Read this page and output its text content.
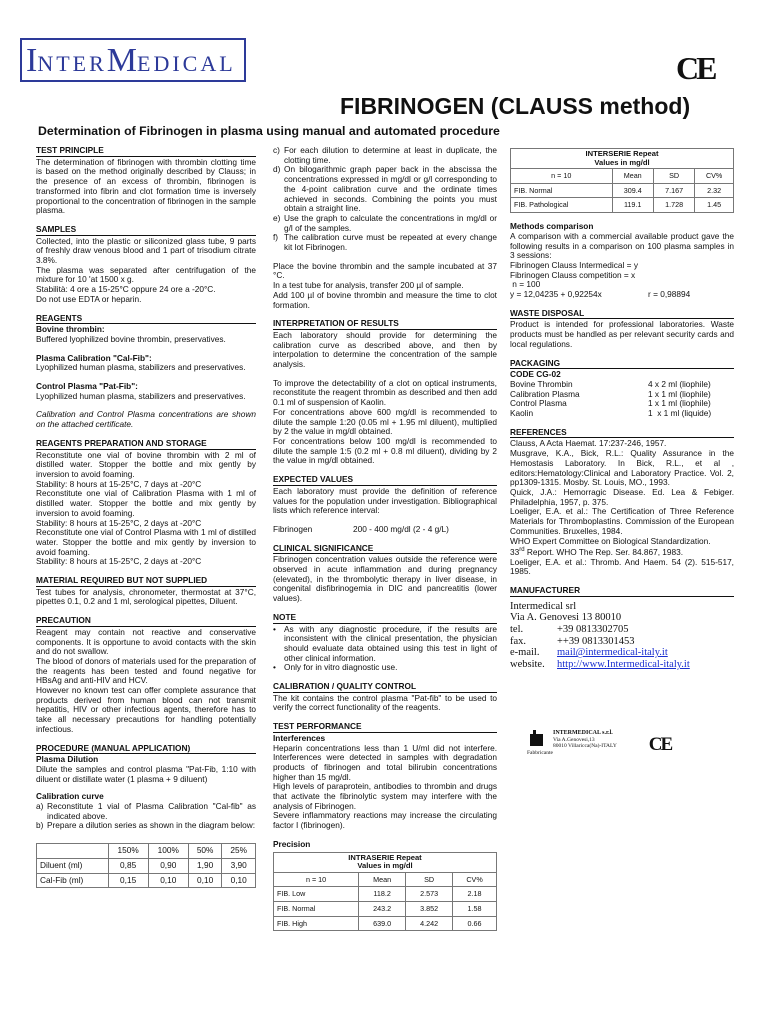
I NTER M EDICAL	CE
FIBRINOGEN (CLAUSS method)
Determination of Fibrinogen in plasma using manual and automated procedure
TEST PRINCIPLE

The determination of fibrinogen with thrombin clotting time is based on the method originally described by Clauss; in the presence of an excess of thrombin, fibrinogen is transformed into fibrin and clot formation time is inversely proportional to the concentration of fibrinogen in the sample plasma.

SAMPLES

Collected, into the plastic or siliconized glass tube, 9 parts of freshly draw venous blood and 1 part of trisodium citrate 3.8%.

The plasma was separated after centrifugation of the mixture for 10 'at 1500 x g.

Stabilità: 4 ore a 15-25°C oppure 24 ore a -20°C.

Do not use EDTA or heparin.

REAGENTS

Bovine thrombin:

Buffered lyophilized bovine thrombin, preservatives.

Plasma Calibration "Cal-Fib":

Lyophilized human plasma, stabilizers and preservatives.

Control Plasma "Pat-Fib":

Lyophilized human plasma, stabilizers and preservatives.

Calibration and Control Plasma concentrations are shown on the attached certificate.

REAGENTS PREPARATION AND STORAGE

Reconstitute one vial of bovine thrombin with 2 ml of distilled water. Stopper the bottle and mix gently by inversion to avoid foaming.

Stability: 8 hours at 15-25°C, 7 days at -20°C

Reconstitute one vial of Calibration Plasma with 1 ml of distilled water. Stopper the bottle and mix gently by inversion to avoid foaming.

Stability: 8 hours at 15-25°C, 2 days at -20°C

Reconstitute one vial of Control Plasma with 1 ml of distilled water. Stopper the bottle and mix gently by inversion to avoid foaming.

Stability: 8 hours at 15-25°C, 2 days at -20°C

MATERIAL REQUIRED BUT NOT SUPPLIED

Test tubes for analysis, chronometer, thermostat at 37°C, pipettes 0.1, 0.2 and 1 ml, serological pipettes, Diluent.

PRECAUTION

Reagent may contain not reactive and conservative components. It is opportune to avoid contacts with the skin and do not swallow.

The blood of donors of materials used for the preparation of the reagents has been tested and found negative for HBsAg and anti-HIV and HCV.

However no known test can offer complete assurance that products derived from human blood can not transmit hepatitis, HIV or other infectious agents, therefore has to take all necessary precautions for handling potentially infectious.

PROCEDURE (MANUAL APPLICATION)

Plasma Dilution

Dilute the samples and control plasma "Pat-Fib, 1:10 with diluent or distillate water (1 plasma + 9 diluent)

Calibration curve

a) Reconstitute 1 vial of Plasma Calibration "Cal-fib" as indicated above.
b) Prepare a dilution series as shown in the diagram below:
	150%	100%	50%	25%
Diluent (ml)	0,85	0,90	1,90	3,90
Cal-Fib (ml)	0,15	0,10	0,10	0,10
c) For each dilution to determine at least in duplicate, the clotting time.
d) On bilogarithmic graph paper back in the abscissa the concentrations expressed in mg/dl or g/l corresponding to the 4-point calibration curve and the ordinate times achieved in seconds. Combining the points you must obtain a straight line.
e) Use the graph to calculate the concentrations in mg/dl or g/l of the samples.
f) The calibration curve must be repeated at every change kit lot Fibrinogen.

Place the bovine thrombin and the sample incubated at 37 °C.

In a test tube for analysis, transfer 200 µl of sample.

Add 100 µl of bovine thrombin and measure the time to clot formation.

INTERPRETATION OF RESULTS

Each laboratory should provide for determining the calibration curve as described above, and then by interpolation to determine the concentration of the sample analysis.

To improve the detectability of a clot on optical instruments, reconstitute the reagent thrombin as described and then add 0.1 ml of suspension of Kaolin.

For concentrations above 600 mg/dl is recommended to dilute the sample 1:20 (0.05 ml + 1.95 ml diluent), multiplied by 2 the value in mg/dl obtained.

For concentrations below 100 mg/dl is recommended to dilute the sample 1:5 (0.2 ml + 0.8 ml diluent), dividing by 2 the value in mg/dl obtained.

EXPECTED VALUES

Each laboratory must provide the definition of reference values for the population under investigation. Bibliographical lists which reference interval:

Fibrinogen	200 - 400 mg/dl (2 - 4 g/L)
CLINICAL SIGNIFICANCE

Fibrinogen concentration values outside the reference were observed in acute inflammation and during pregnancy (elevated), in the thrombolytic therapy in liver disease, in congenital disfibrinogemia in DIC and pancreatitis (lower values).

NOTE
• As with any diagnostic procedure, if the results are inconsistent with the clinical presentation, the physician should evaluate data obtained using this test in light of other clinical information.
• Only for in vitro diagnostic use.
CALIBRATION / QUALITY CONTROL

The kit contains the control plasma "Pat-fib" to be used to verify the correct functionality of the reagents.

TEST PERFORMANCE

Interferences

Heparin concentrations less than 1 U/ml did not interfere. Interferences were detected in samples with degradation products of fibrinogen and total bilirubin concentrations higher than 15 mg/dl.

High levels of paraprotein, antibodies to thrombin and drugs that activate the fibrinolytic system may interfere with the analysis of Fibrinogen.

Severe inflammatory reactions may increase the circulating factor I (fibrinogen).

Precision

INTRASERIE Repeat
Values in mg/dl			
n = 10	Mean	SD	CV%
FIB. Low	118.2	2.573	2.18
FIB. Normal	243.2	3.852	1.58
FIB. High	639.0	4.242	0.66
INTERSERIE Repeat
Values in mg/dl			
n = 10	Mean	SD	CV%
FIB. Normal	309.4	7.167	2.32
FIB. Pathological	119.1	1.728	1.45

Methods comparison

A comparison with a commercial available product gave the following results in a comparison on 100 plasma samples in 3 sessions:

Fibrinogen Clauss Intermedical = y

Fibrinogen Clauss competition = x

n = 100

y = 12,04235 + 0,92254x	r = 0,98894
WASTE DISPOSAL

Product is intended for professional laboratories. Waste products must be handled as per relevant security cards and local regulations.

PACKAGING

CODE CG-02

Bovine Thrombin	4 x 2 ml (liophile)
Calibration Plasma	1 x 1 ml (liophile)
Control Plasma	1 x 1 ml (liophile)
Kaolin	1  x 1 ml (liquide)
REFERENCES

Clauss, A Acta Haemat. 17:237-246, 1957.

Musgrave, K.A., Bick, R.L.: Quality Assurance in the Hemostasis Laboratory. In Bick, R.L., et al , editors:Hematology:Clinical and Laboratory Practice. Vol. 2, pp1309-1315. Mosby. St. Louis, MO., 1993.

Quick, J.A.: Hemorragic Disease. Ed. Lea & Febiger. Philadelphia, 1957, p. 375.

Loeliger, E.A. et al.: The Certification of Three Reference Materials for Thromboplastins. Commission of the European Communities. Bruxelles, 1984.

WHO Expert Committee on Biological Standardization.

33rd Report. WHO The Rep. Ser. 84.867, 1983.

Loeliger, E.A. et al.: Thromb. And Haem. 54 (2). 515-517, 1985.

MANUFACTURER
Intermedical srl
Via A. Genovesi 13 80010
tel.	+39 0813302705
fax.	++39 0813301453
e-mail.	mail@intermedical-italy.it
website.	http://www.Intermedical-italy.it
Fabbricante
INTERMEDICAL s.r.l.
Via A.Genovesi,13
80010 Villaricca(Na)-ITALY CE
